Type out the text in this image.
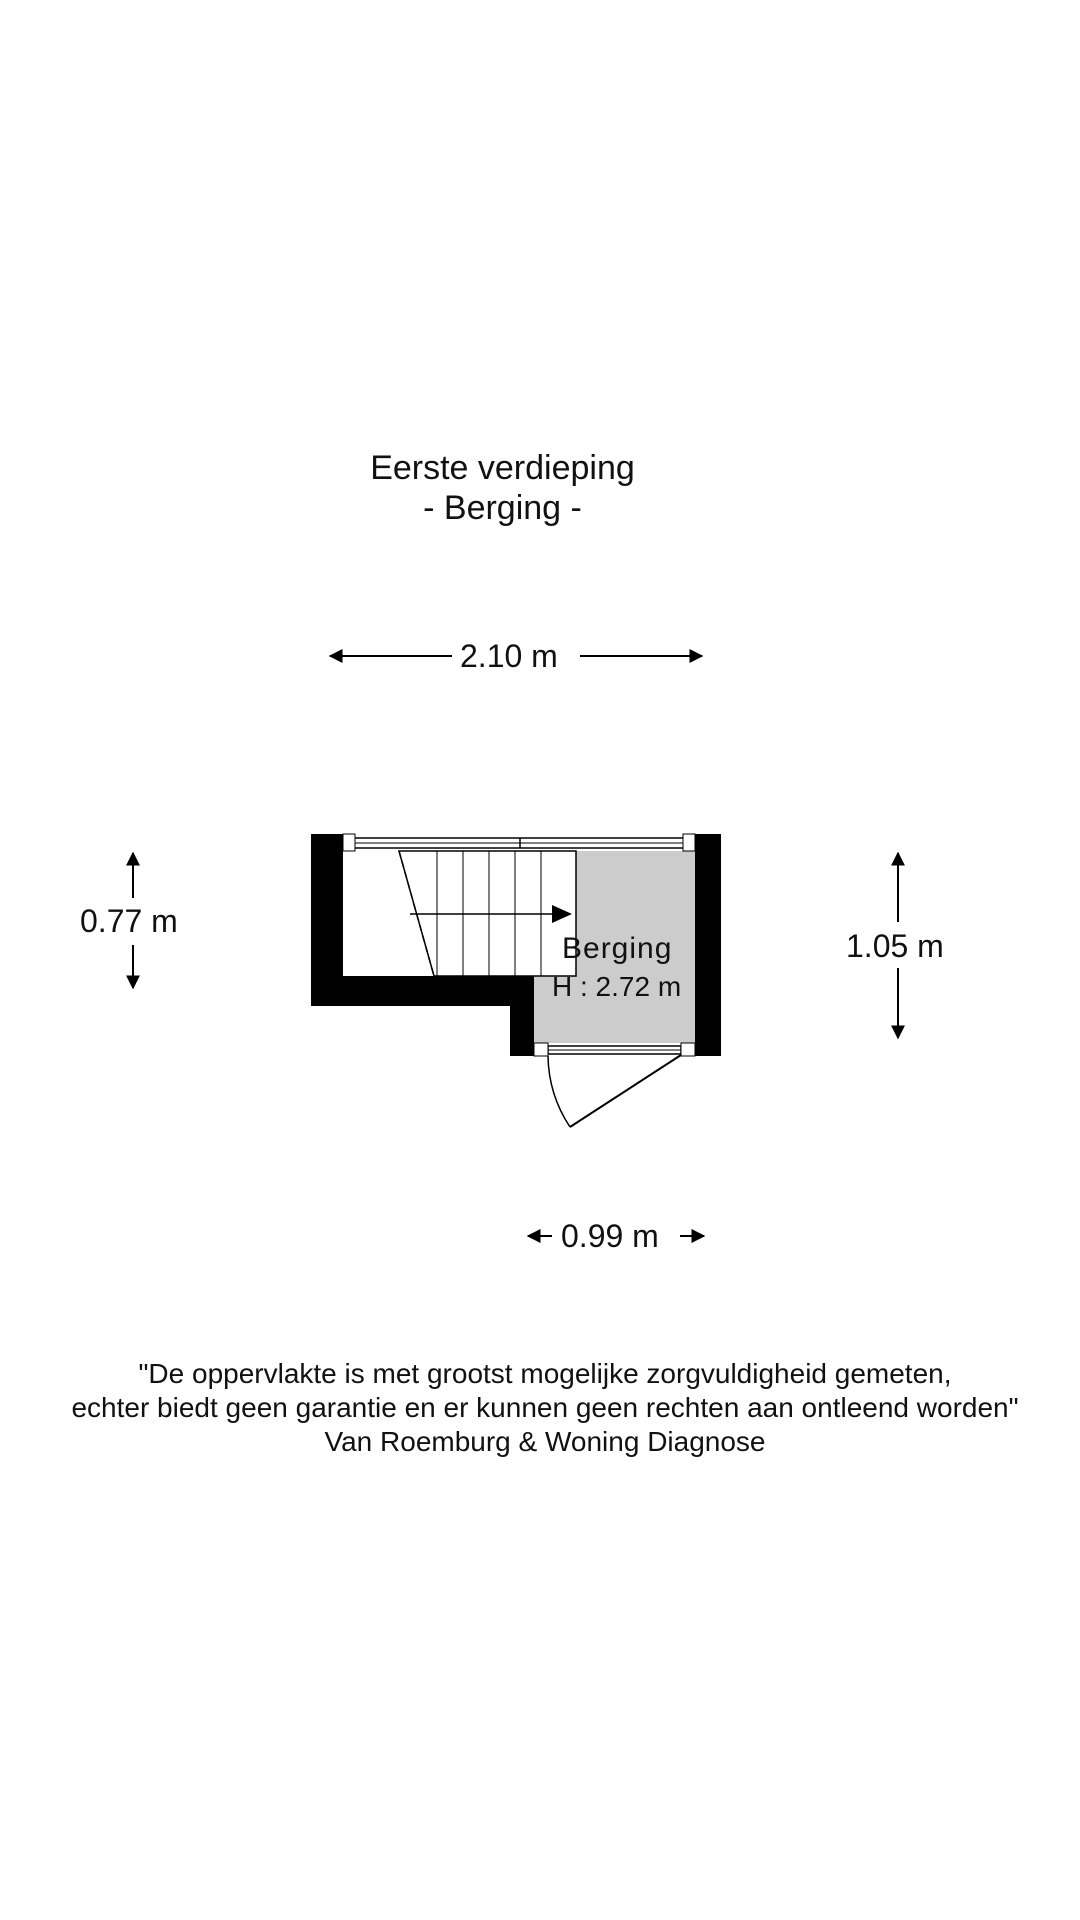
Eerste verdieping
- Berging -
2.10 m
0.77 m
1.05 m
0.99 m
Berging
H : 2.72 m
"De oppervlakte is met grootst mogelijke zorgvuldigheid gemeten,
echter biedt geen garantie en er kunnen geen rechten aan ontleend worden"
Van Roemburg & Woning Diagnose
